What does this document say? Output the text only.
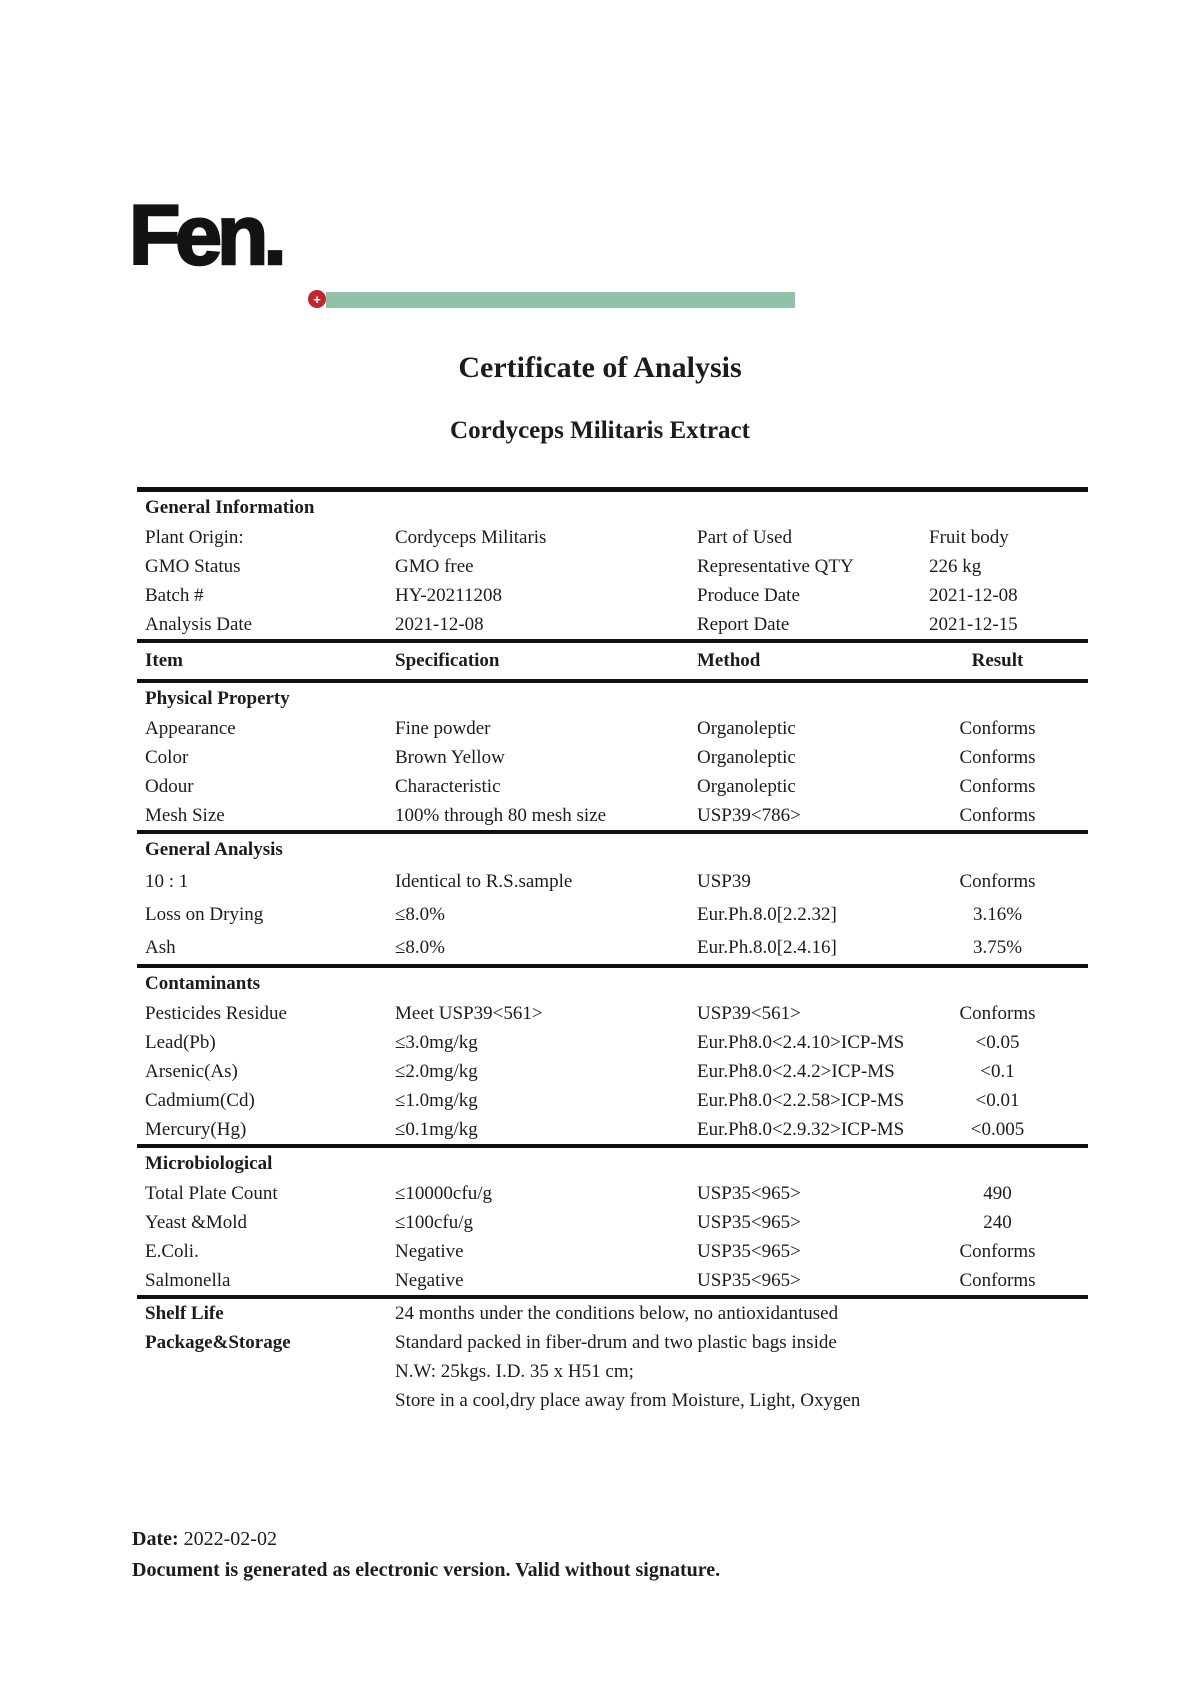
Fen.
+
Certificate of Analysis
Cordyceps Militaris Extract
General Information
Plant Origin:	Cordyceps Militaris	Part of Used	Fruit body
GMO Status	GMO free	Representative QTY	226 kg
Batch #	HY-20211208	Produce Date	2021-12-08
Analysis Date	2021-12-08	Report Date	2021-12-15
Item	Specification	Method	Result
Physical Property
Appearance	Fine powder	Organoleptic	Conforms
Color	Brown Yellow	Organoleptic	Conforms
Odour	Characteristic	Organoleptic	Conforms
Mesh Size	100% through 80 mesh size	USP39<786>	Conforms
General Analysis
10 : 1	Identical to R.S.sample	USP39	Conforms
Loss on Drying	≤8.0%	Eur.Ph.8.0[2.2.32]	3.16%
Ash	≤8.0%	Eur.Ph.8.0[2.4.16]	3.75%
Contaminants
Pesticides Residue	Meet USP39<561>	USP39<561>	Conforms
Lead(Pb)	≤3.0mg/kg	Eur.Ph8.0<2.4.10>ICP-MS	<0.05
Arsenic(As)	≤2.0mg/kg	Eur.Ph8.0<2.4.2>ICP-MS	<0.1
Cadmium(Cd)	≤1.0mg/kg	Eur.Ph8.0<2.2.58>ICP-MS	<0.01
Mercury(Hg)	≤0.1mg/kg	Eur.Ph8.0<2.9.32>ICP-MS	<0.005
Microbiological
Total Plate Count	≤10000cfu/g	USP35<965>	490
Yeast &Mold	≤100cfu/g	USP35<965>	240
E.Coli.	Negative	USP35<965>	Conforms
Salmonella	Negative	USP35<965>	Conforms
Shelf Life	24 months under the conditions below, no antioxidantused
Package&Storage	Standard packed in fiber-drum and two plastic bags inside
N.W: 25kgs. I.D. 35 x H51 cm;
Store in a cool,dry place away from Moisture, Light, Oxygen
Date: 2022-02-02
Document is generated as electronic version. Valid without signature.
